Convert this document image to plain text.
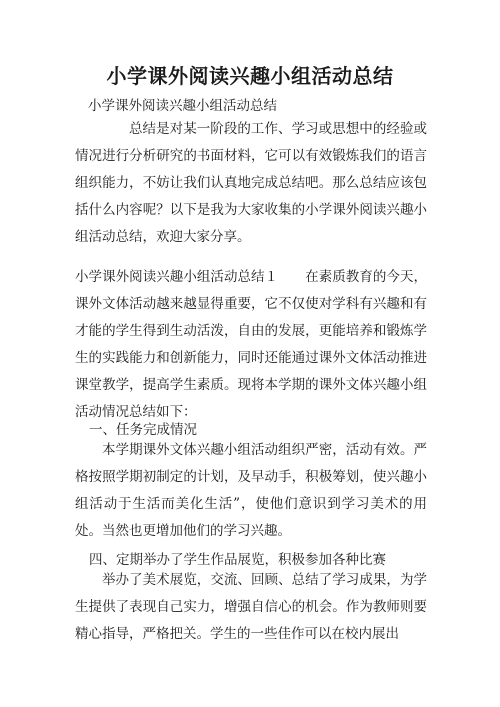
小学课外阅读兴趣小组活动总结
小学课外阅读兴趣小组活动总结

总结是对某一阶段的工作、学习或思想中的经验或情况进行分析研究的书面材料，它可以有效锻炼我们的语言组织能力，不妨让我们认真地完成总结吧。那么总结应该包括什么内容呢？以下是我为大家收集的小学课外阅读兴趣小组活动总结，欢迎大家分享。

小学课外阅读兴趣小组活动总结１　　在素质教育的今天，课外文体活动越来越显得重要，它不仅使对学科有兴趣和有才能的学生得到生动活泼，自由的发展，更能培养和锻炼学生的实践能力和创新能力，同时还能通过课外文体活动推进课堂教学，提高学生素质。现将本学期的课外文体兴趣小组活动情况总结如下：

一、任务完成情况

本学期课外文体兴趣小组活动组织严密，活动有效。严格按照学期初制定的计划，及早动手，积极筹划，使兴趣小组活动于生活而美化生活”，使他们意识到学习美术的用处。当然也更增加他们的学习兴趣。

四、定期举办了学生作品展览，积极参加各种比赛

举办了美术展览，交流、回顾、总结了学习成果，为学生提供了表现自己实力，增强自信心的机会。作为教师则要精心指导，严格把关。学生的一些佳作可以在校内展出
